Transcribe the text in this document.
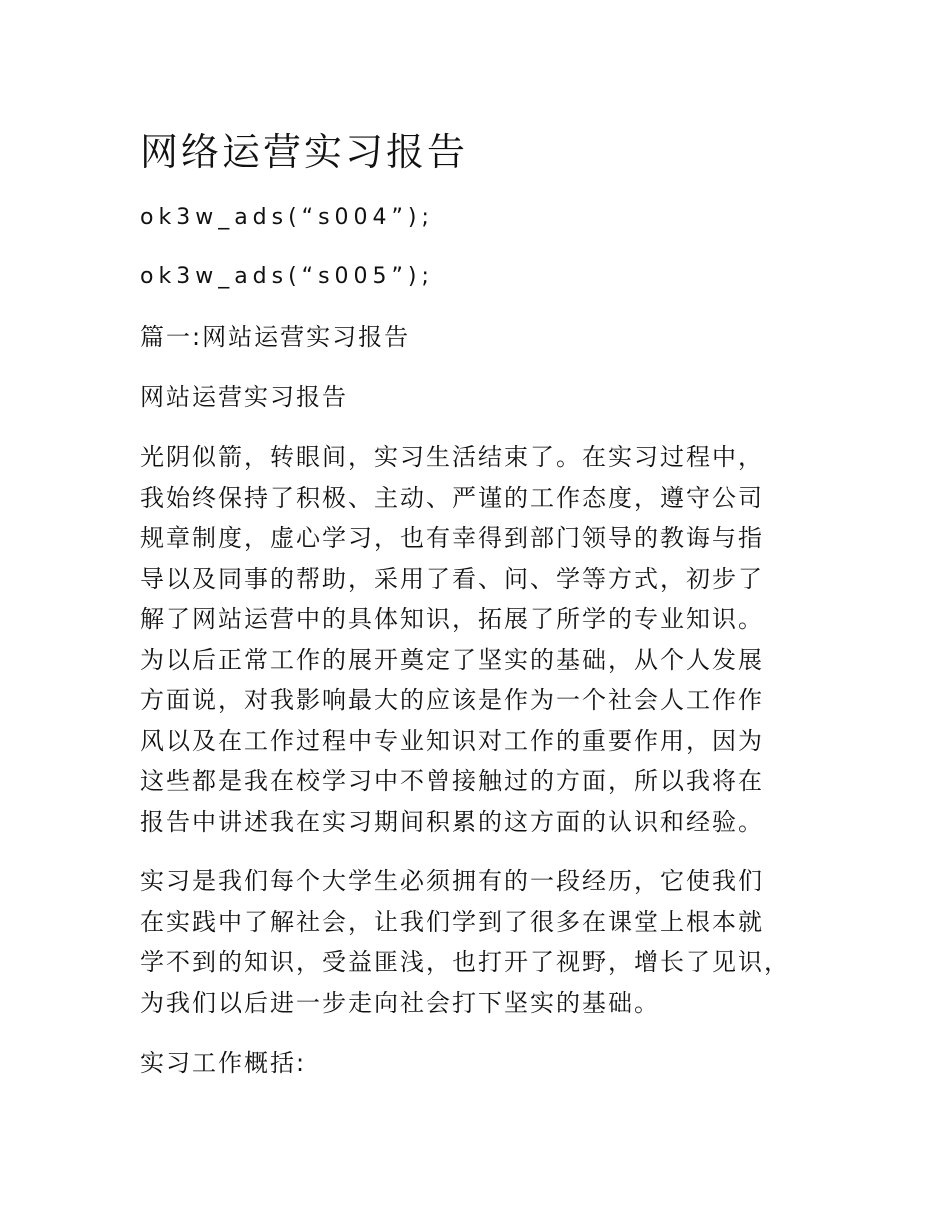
网络运营实习报告

ok3w_ads(“s004”);

ok3w_ads(“s005”);

篇一:网站运营实习报告

网站运营实习报告

光阴似箭，转眼间，实习生活结束了。在实习过程中，
我始终保持了积极、主动、严谨的工作态度，遵守公司
规章制度，虚心学习，也有幸得到部门领导的教诲与指
导以及同事的帮助，采用了看、问、学等方式，初步了
解了网站运营中的具体知识，拓展了所学的专业知识。
为以后正常工作的展开奠定了坚实的基础，从个人发展
方面说，对我影响最大的应该是作为一个社会人工作作
风以及在工作过程中专业知识对工作的重要作用，因为
这些都是我在校学习中不曾接触过的方面，所以我将在
报告中讲述我在实习期间积累的这方面的认识和经验。
实习是我们每个大学生必须拥有的一段经历，它使我们
在实践中了解社会，让我们学到了很多在课堂上根本就
学不到的知识，受益匪浅，也打开了视野，增长了见识，
为我们以后进一步走向社会打下坚实的基础。

实习工作概括:
